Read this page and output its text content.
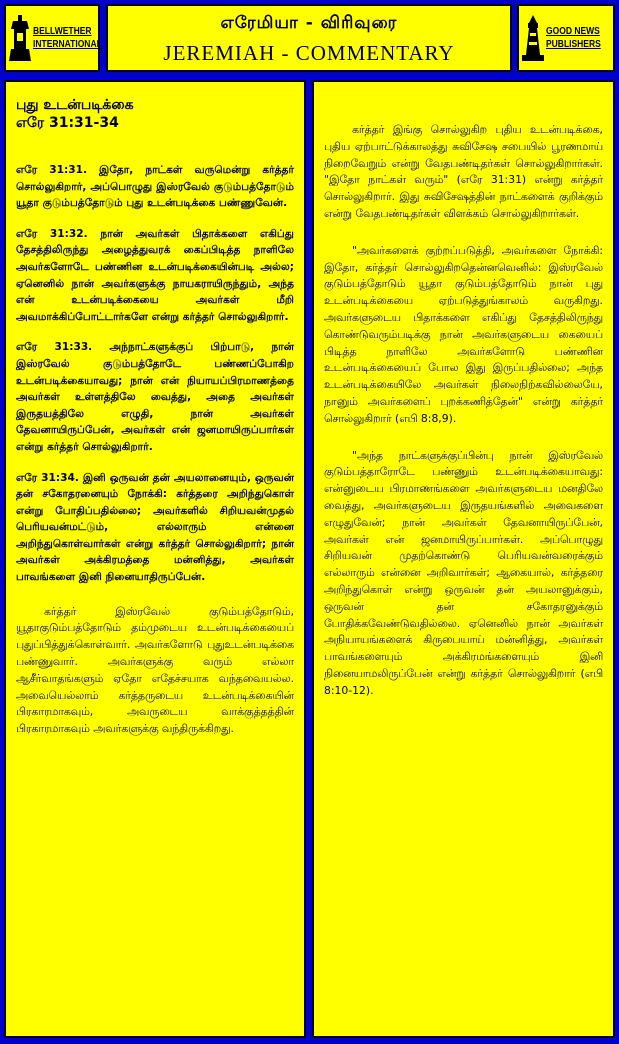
BELLWETHER
INTERNATIONAL
எரேமியா - விரிவுரை
JEREMIAH - COMMENTARY
GOOD NEWS
PUBLISHERS
புது உடன்படிக்கை
எரே 31:31-34

எரே 31:31. இதோ, நாட்கள் வருமென்று கர்த்தர் சொல்லுகிறார், அப்பொழுது இஸ்ரவேல் குடும்பத்தோடும் யூதா குடும்பத்தோடும் புது உடன்படிக்கை பண்ணுவேன்.

எரே 31:32. நான் அவர்கள் பிதாக்களை எகிப்து தேசத்திலிருந்து அழைத்துவரக் கைப்பிடித்த நாளிலே அவர்களோடே பண்ணின உடன்படிக்கையின்படி அல்ல; ஏனெனில் நான் அவர்களுக்கு நாயகராயிருந்தும், அந்த என் உடன்படிக்கையை அவர்கள் மீறி அவமாக்கிப்போட்டார்களே என்று கர்த்தர் சொல்லுகிறார்.

எரே 31:33. அந்நாட்களுக்குப் பிற்பாடு, நான் இஸ்ரவேல் குடும்பத்தோடே பண்ணப்போகிற உடன்படிக்கையாவது; நான் என் நியாயப்பிரமாணத்தை அவர்கள் உள்ளத்திலே வைத்து, அதை அவர்கள் இருதயத்திலே எழுதி, நான் அவர்கள் தேவனாயிருப்பேன், அவர்கள் என் ஜனமாயிருப்பார்கள் என்று கர்த்தர் சொல்லுகிறார்.

எரே 31:34. இனி ஒருவன் தன் அயலானையும், ஒருவன் தன் சகோதரனையும் நோக்கி: கர்த்தரை அறிந்துகொள் என்று போதிப்பதில்லை; அவர்களில் சிறியவன்முதல் பெரியவன்மட்டும், எல்லாரும் என்னை அறிந்துகொள்வார்கள் என்று கர்த்தர் சொல்லுகிறார்; நான் அவர்கள் அக்கிரமத்தை மன்னித்து, அவர்கள் பாவங்களை இனி நினையாதிருப்பேன்.

கர்த்தர் இஸ்ரவேல் குடும்பத்தோடும், யூதாகுடும்பத்தோடும் தம்முடைய உடன்படிக்கையைப் புதுப்பித்துக்கொள்வார். அவர்களோடு புதுஉடன்படிக்கை பண்ணுவார். அவர்களுக்கு வரும் எல்லா ஆசீர்வாதங்களும் ஏதோ எதேச்சயாக வந்தவையல்ல. அவையெல்லாம் கர்த்தருடைய உடன்படிக்கையின் பிரகாரமாகவும், அவருடைய வாக்குத்தத்தின் பிரகாரமாகவும் அவர்களுக்கு வந்திருக்கிறது.

கர்த்தர் இங்கு சொல்லுகிற புதிய உடன்படிக்கை, புதிய ஏற்பாட்டுக்காலத்து சுவிசேஷ சபையில் பூரணமாய் நிறைவேறும் என்று வேதபண்டிதர்கள் சொல்லுகிறார்கள். "இதோ நாட்கள் வரும்" (எரே 31:31) என்று கர்த்தர் சொல்லுகிறார். இது சுவிசேஷத்தின் நாட்களைக் குறிக்கும் என்று வேதபண்டிதர்கள் விளக்கம் சொல்லுகிறார்கள்.

"அவர்களைக் குற்றப்படுத்தி, அவர்களை நோக்கி: இதோ, கர்த்தர் சொல்லுகிறதென்னவெனில்: இஸ்ரவேல் குடும்பத்தோடும் யூதா குடும்பத்தோடும் நான் புது உடன்படிக்கையை ஏற்படுத்துங்காலம் வருகிறது. அவர்களுடைய பிதாக்களை எகிப்து தேசத்திலிருந்து கொண்டுவரும்படிக்கு நான் அவர்களுடைய கையைப் பிடித்த நாளிலே அவர்களோடு பண்ணின உடன்படிக்கையைப் போல இது இருப்பதில்லை; அந்த உடன்படிக்கையிலே அவர்கள் நிலைநிற்கவில்லையே, நானும் அவர்களைப் புறக்கணித்தேன்" என்று கர்த்தர் சொல்லுகிறார் (எபி 8:8,9).

"அந்த நாட்களுக்குப்பின்பு நான் இஸ்ரவேல் குடும்பத்தாரோடே பண்ணும் உடன்படிக்கையாவது: என்னுடைய பிரமாணங்களை அவர்களுடைய மனதிலே வைத்து, அவர்களுடைய இருதயங்களில் அவைகளை எழுதுவேன்; நான் அவர்கள் தேவனாயிருப்பேன், அவர்கள் என் ஜனமாயிருப்பார்கள். அப்பொழுது சிறியவன் முதற்கொண்டு பெரியவன்வரைக்கும் எல்லாரும் என்னை அறிவார்கள்; ஆகையால், கர்த்தரை அறிந்துகொள் என்று ஒருவன் தன் அயலானுக்கும், ஒருவன் தன் சகோதரனுக்கும் போதிக்கவேண்டுவதில்லை. ஏனெனில் நான் அவர்கள் அநியாயங்களைக் கிருபையாய் மன்னித்து, அவர்கள் பாவங்களையும் அக்கிரமங்களையும் இனி நினையாமலிருப்பேன் என்று கர்த்தர் சொல்லுகிறார் (எபி 8:10-12).
